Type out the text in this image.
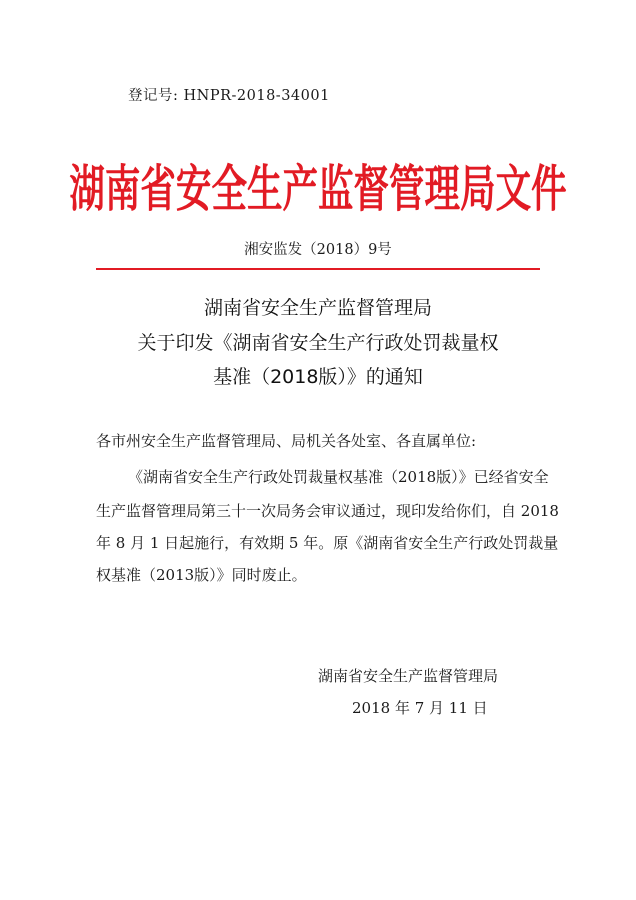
登记号: HNPR-2018-34001
湖南省安全生产监督管理局文件
湘安监发（2018）9号
湖南省安全生产监督管理局
关于印发《湖南省安全生产行政处罚裁量权
基准（2018版）》的通知
各市州安全生产监督管理局、局机关各处室、各直属单位:
《湖南省安全生产行政处罚裁量权基准（2018版）》已经省安全
生产监督管理局第三十一次局务会审议通过，现印发给你们，自 2018
年 8 月 1 日起施行，有效期 5 年。原《湖南省安全生产行政处罚裁量
权基准（2013版）》同时废止。
湖南省安全生产监督管理局
2018 年 7 月 11 日
